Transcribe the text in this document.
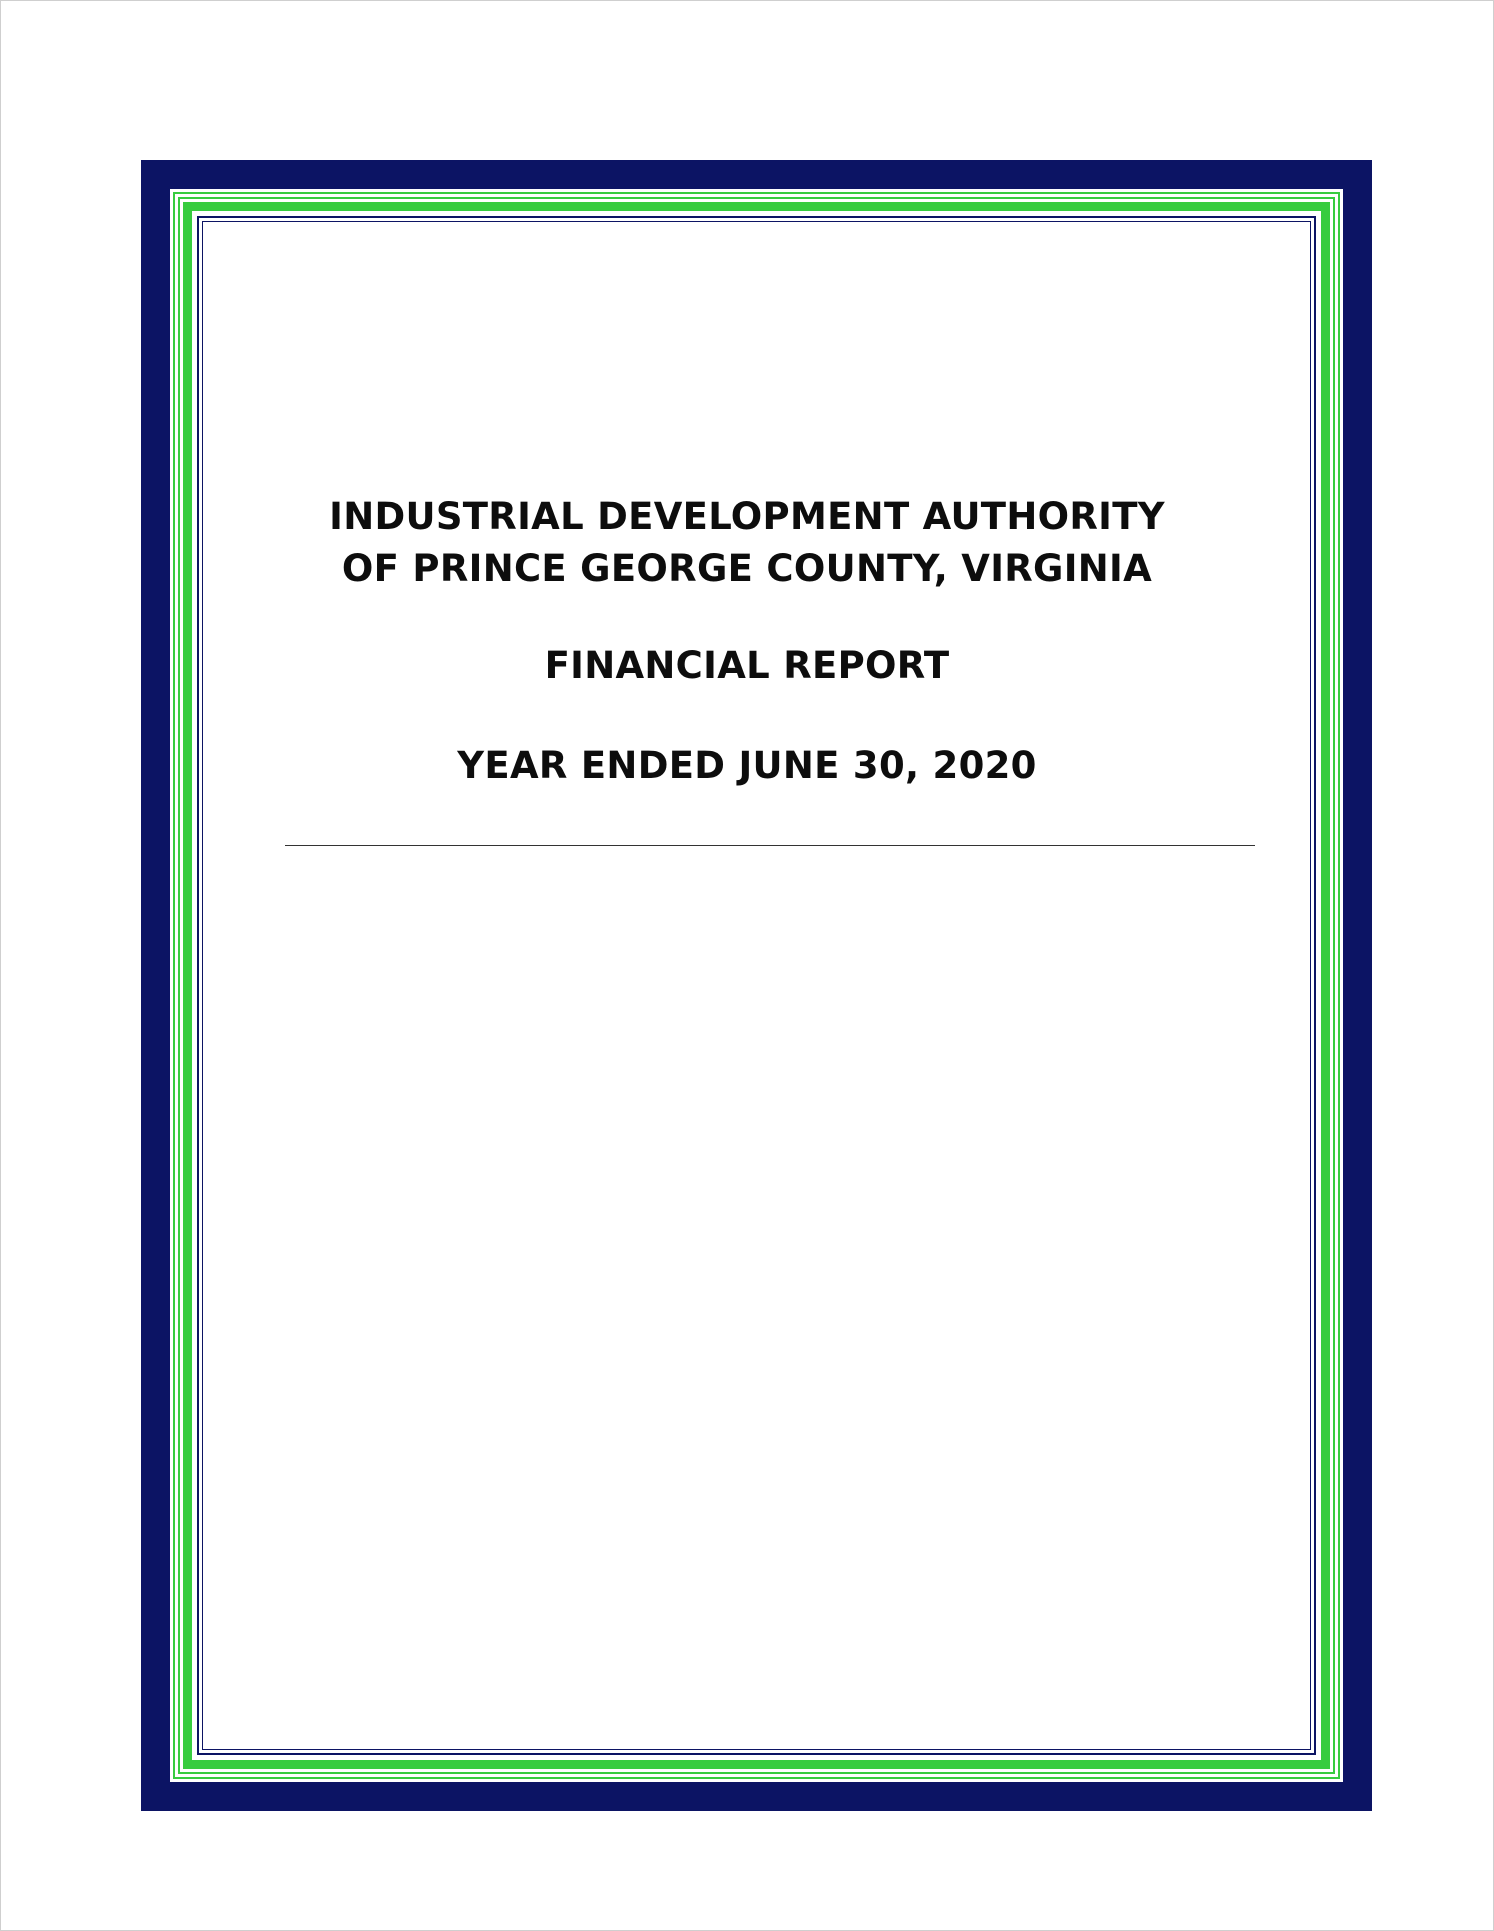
INDUSTRIAL DEVELOPMENT AUTHORITY
OF PRINCE GEORGE COUNTY, VIRGINIA
FINANCIAL REPORT
YEAR ENDED JUNE 30, 2020
